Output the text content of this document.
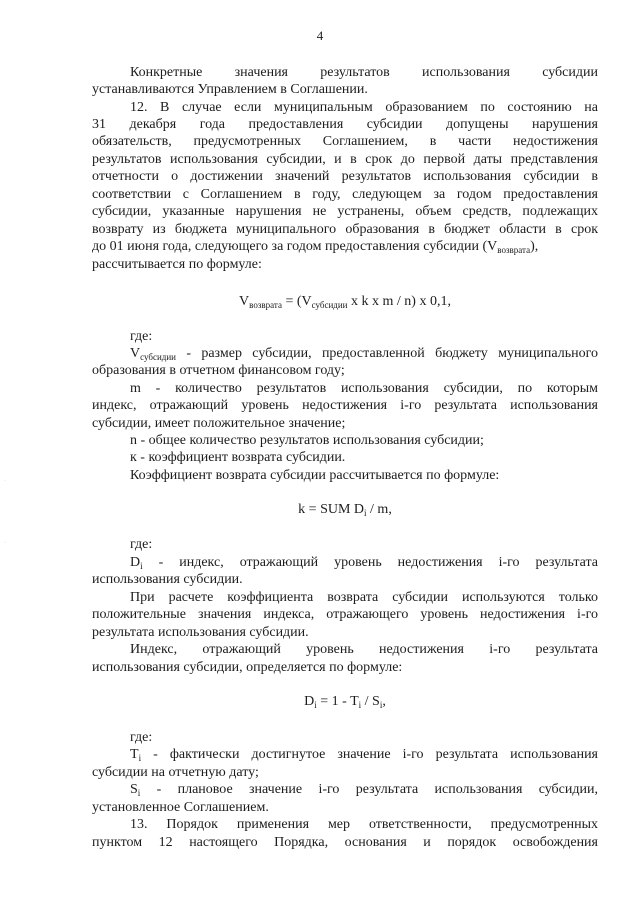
4
Конкретные значения результатов использования субсидии
устанавливаются Управлением в Соглашении.
12. В случае если муниципальным образованием по состоянию на
31 декабря года предоставления субсидии допущены нарушения
обязательств, предусмотренных Соглашением, в части недостижения
результатов использования субсидии, и в срок до первой даты представления
отчетности о достижении значений результатов использования субсидии в
соответствии с Соглашением в году, следующем за годом предоставления
субсидии, указанные нарушения не устранены, объем средств, подлежащих
возврату из бюджета муниципального образования в бюджет области в срок
до 01 июня года, следующего за годом предоставления субсидии $(V_{возврата})$,
рассчитывается по формуле:
$V_{возврата} = (V_{субсидии}$ x k x m / n) x 0,1,
где:
$V_{субсидии}$ - размер субсидии, предоставленной бюджету муниципального
образования в отчетном финансовом году;
m - количество результатов использования субсидии, по которым
индекс, отражающий уровень недостижения i-го результата использования
субсидии, имеет положительное значение;
n - общее количество результатов использования субсидии;
к - коэффициент возврата субсидии.
Коэффициент возврата субсидии рассчитывается по формуле:
k = SUM $D_i$ / m,
где:
$D_i$ - индекс, отражающий уровень недостижения i-го результата
использования субсидии.
При расчете коэффициента возврата субсидии используются только
положительные значения индекса, отражающего уровень недостижения i-го
результата использования субсидии.
Индекс, отражающий уровень недостижения i-го результата
использования субсидии, определяется по формуле:
$D_i = 1 - T_i / S_i$,
где:
$T_i$ - фактически достигнутое значение i-го результата использования
субсидии на отчетную дату;
$S_i$ - плановое значение i-го результата использования субсидии,
установленное Соглашением.
13. Порядок применения мер ответственности, предусмотренных
пунктом 12 настоящего Порядка, основания и порядок освобождения
·
·
